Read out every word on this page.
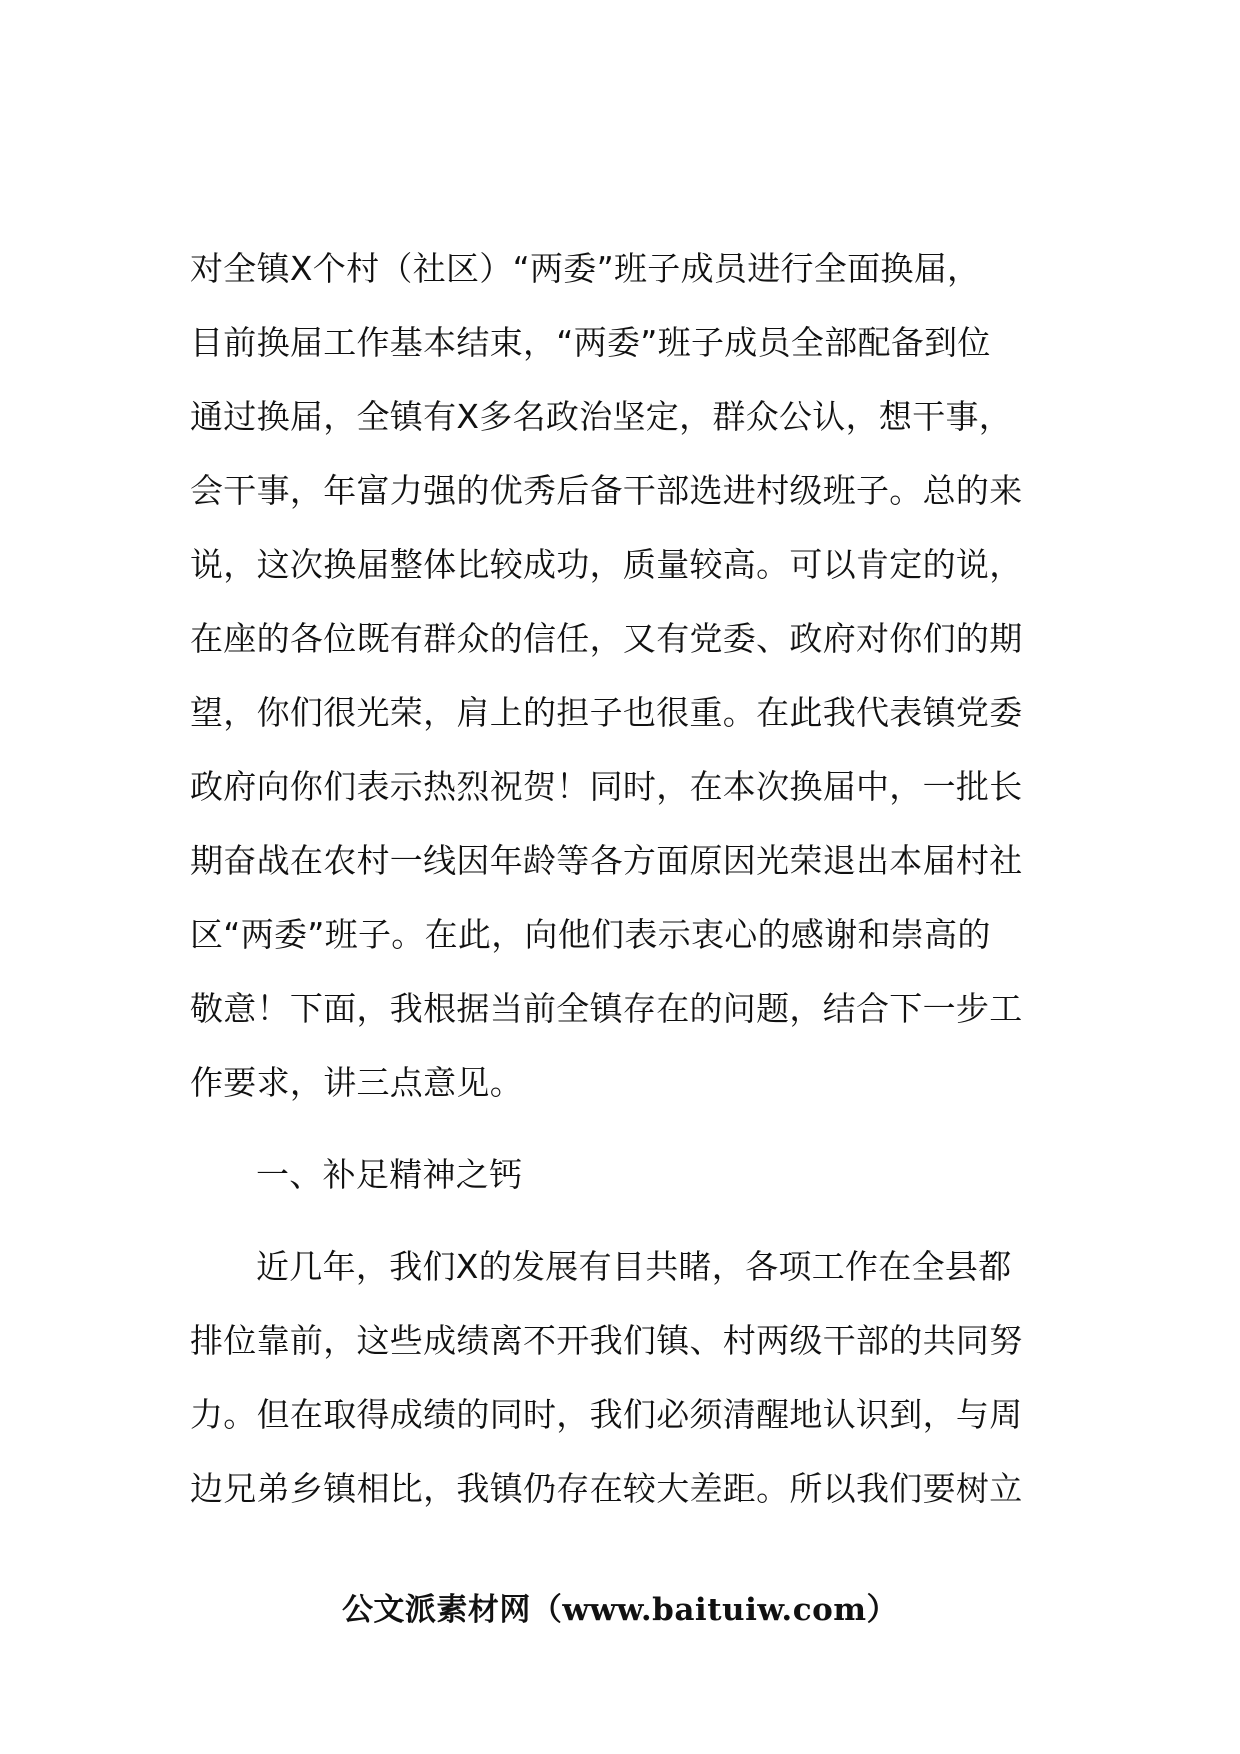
对全镇X个村（社区）“两委”班子成员进行全面换届，
目前换届工作基本结束，“两委”班子成员全部配备到位
通过换届，全镇有X多名政治坚定，群众公认，想干事，
会干事，年富力强的优秀后备干部选进村级班子。总的来
说，这次换届整体比较成功，质量较高。可以肯定的说，
在座的各位既有群众的信任，又有党委、政府对你们的期
望，你们很光荣，肩上的担子也很重。在此我代表镇党委
政府向你们表示热烈祝贺！同时，在本次换届中，一批长
期奋战在农村一线因年龄等各方面原因光荣退出本届村社
区“两委”班子。在此，向他们表示衷心的感谢和崇高的
敬意！下面，我根据当前全镇存在的问题，结合下一步工
作要求，讲三点意见。
一、补足精神之钙
近几年，我们X的发展有目共睹，各项工作在全县都
排位靠前，这些成绩离不开我们镇、村两级干部的共同努
力。但在取得成绩的同时，我们必须清醒地认识到，与周
边兄弟乡镇相比，我镇仍存在较大差距。所以我们要树立
公文派素材网（www.baituiw.com）
